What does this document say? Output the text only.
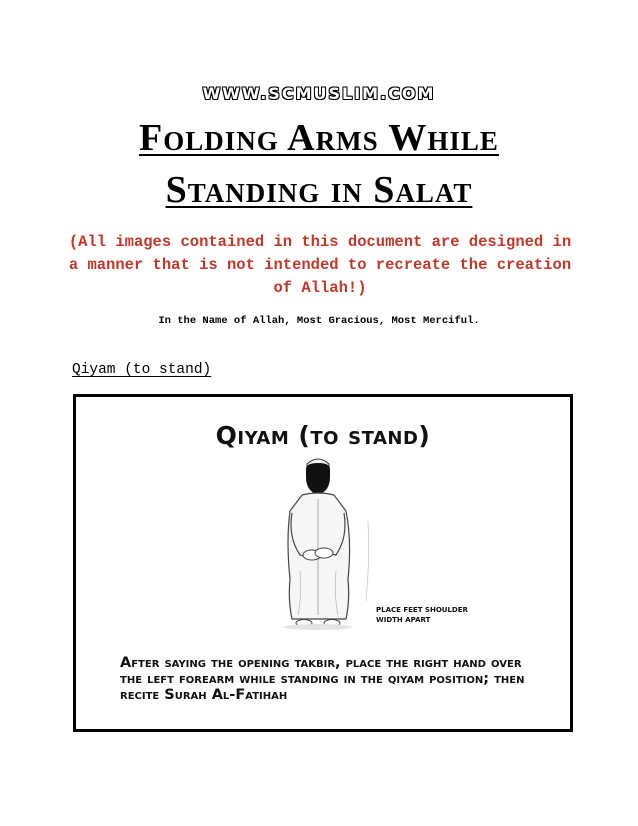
WWW.SCMUSLIM.COM
Folding Arms While
Standing in Salat
(All images contained in this document are designed in a manner that is not intended to recreate the creation of Allah!)
In the Name of Allah, Most Gracious, Most Merciful.
Qiyam (to stand)
Qiyam (to stand)
PLACE FEET SHOULDER WIDTH APART
After saying the opening takbir, place the right hand over the left forearm while standing in the qiyam position; then recite Surah Al-Fatihah
